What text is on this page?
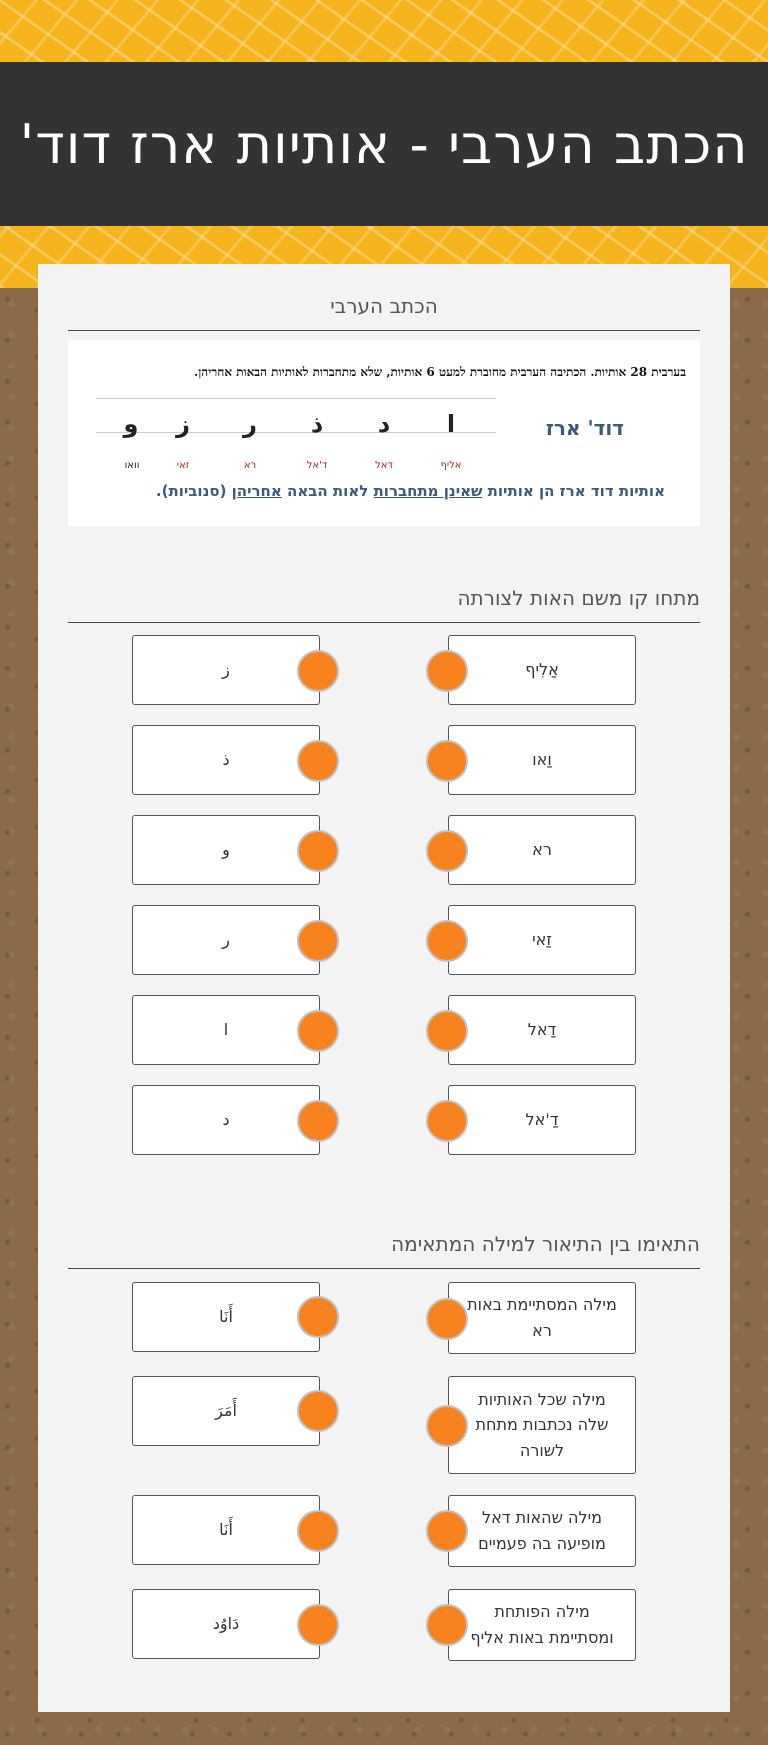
הכתב הערבי - אותיות ארז דוד'
הכתב הערבי
בערבית 28 אותיות. הכתיבה הערבית מחוברת למעט 6 אותיות, שלא מתחברות לאותיות הבאות אחריהן.
דוד' ארז
ا
د
ذ
ر
ز
و
אליף
דאל
ד'אל
רא
זאי
וואו
אותיות דוד ארז הן אותיות שאינן מתחברות לאות הבאה אחריהן (סנוביות).
מתחו קו משם האות לצורתה
אַלִיף
ز
וַאו
ذ
רא
و
זַאי
ر
דַאל
ا
דַ'אל
د
התאימו בין התיאור למילה המתאימה
מילה המסתיימת באות רא
أَنَا
מילה שכל האותיות שלה נכתבות מתחת לשורה
أَمَرَ
מילה שהאות דאל מופיעה בה פעמיים
أَنَا
מילה הפותחת ומסתיימת באות אליף
دَاوُد
